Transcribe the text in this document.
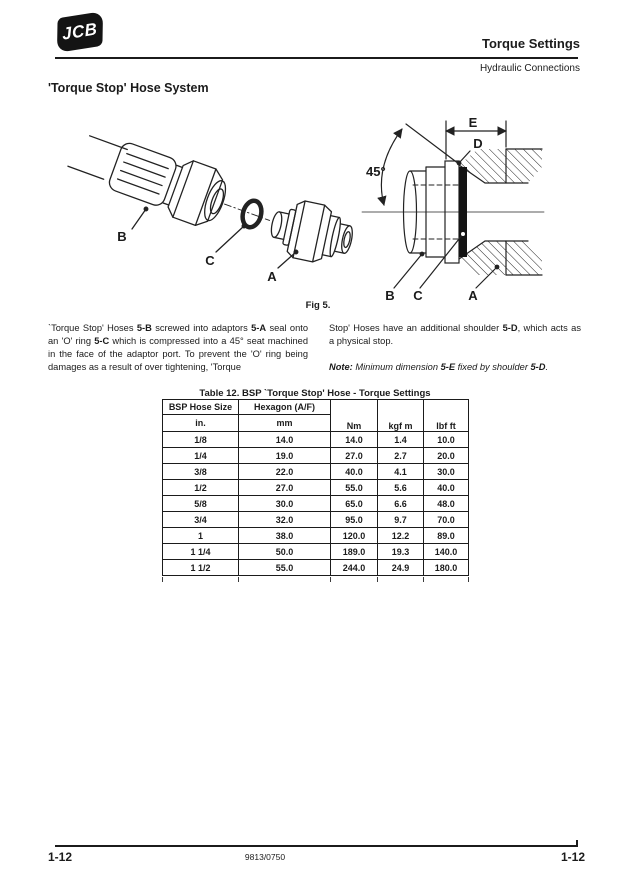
JCB	Torque Settings
Hydraulic Connections
'Torque Stop' Hose System
B
C
A
E
D
45°
B C	A
Fig 5.
`Torque Stop' Hoses 5-B screwed into adaptors 5-A seal onto an 'O' ring 5-C which is compressed into a 45° seat machined in the face of the adaptor port. To prevent the 'O' ring being damages as a result of over tightening, 'Torque
Stop' Hoses have an additional shoulder 5-D, which acts as a physical stop.
Note: Minimum dimension 5-E fixed by shoulder 5-D.
Table 12. BSP `Torque Stop' Hose - Torque Settings
BSP Hose Size	Hexagon (A/F)	Nm	kgf m	lbf ft
in.	mm			
1/8	14.0	14.0	1.4	10.0
1/4	19.0	27.0	2.7	20.0
3/8	22.0	40.0	4.1	30.0
1/2	27.0	55.0	5.6	40.0
5/8	30.0	65.0	6.6	48.0
3/4	32.0	95.0	9.7	70.0
1	38.0	120.0	12.2	89.0
1 1/4	50.0	189.0	19.3	140.0
1 1/2	55.0	244.0	24.9	180.0
1-12	9813/0750	1-12
